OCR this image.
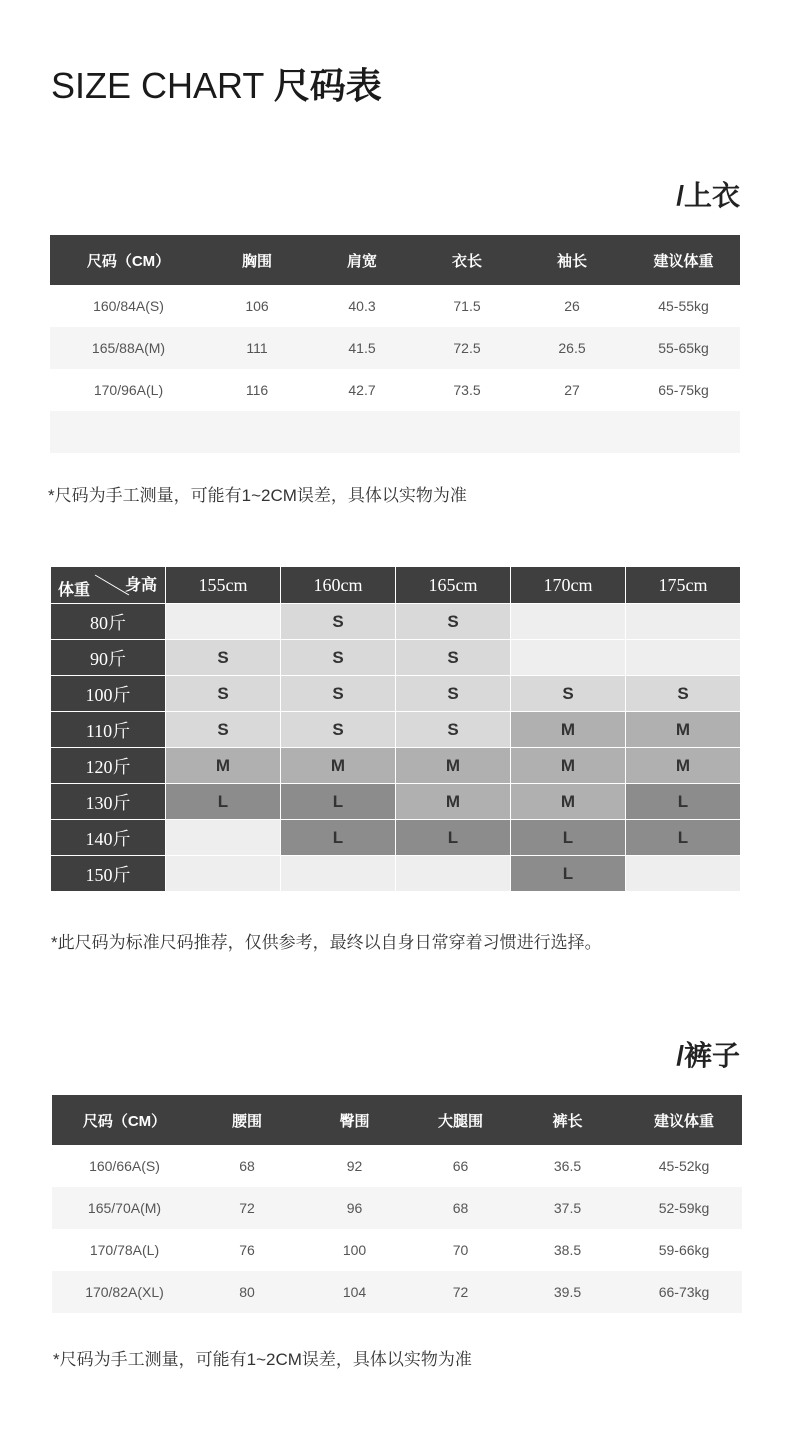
SIZE CHART 尺码表
/上衣
尺码（CM）	胸围	肩宽	衣长	袖长	建议体重
160/84A(S)	106	40.3	71.5	26	45-55kg
165/88A(M)	111	41.5	72.5	26.5	55-65kg
170/96A(L)	116	42.7	73.5	27	65-75kg

*尺码为手工测量，可能有1~2CM误差，具体以实物为准
体重 身高	155cm	160cm	165cm	170cm	175cm
80斤		S	S		
90斤	S	S	S		
100斤	S	S	S	S	S
110斤	S	S	S	M	M
120斤	M	M	M	M	M
130斤	L	L	M	M	L
140斤		L	L	L	L
150斤				L	
*此尺码为标准尺码推荐，仅供参考，最终以自身日常穿着习惯进行选择。
/裤子
尺码（CM）	腰围	臀围	大腿围	裤长	建议体重
160/66A(S)	68	92	66	36.5	45-52kg
165/70A(M)	72	96	68	37.5	52-59kg
170/78A(L)	76	100	70	38.5	59-66kg
170/82A(XL)	80	104	72	39.5	66-73kg
*尺码为手工测量，可能有1~2CM误差，具体以实物为准
